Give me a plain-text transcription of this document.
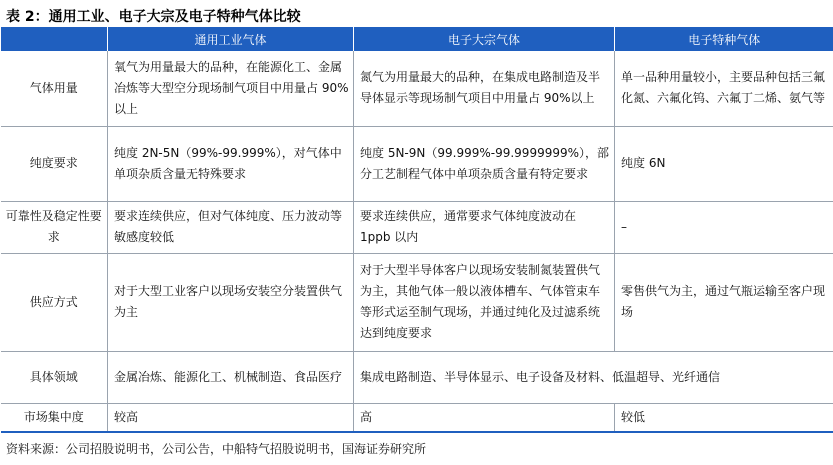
表 2：通用工业、电子大宗及电子特种气体比较
	通用工业气体	电子大宗气体	电子特种气体
气体用量	氧气为用量最大的品种，在能源化工、金属冶炼等大型空分现场制气项目中用量占 90%以上	氮气为用量最大的品种，在集成电路制造及半导体显示等现场制气项目中用量占 90%以上	单一品种用量较小，主要品种包括三氟化氮、六氟化钨、六氟丁二烯、氨气等
纯度要求	纯度 2N-5N（99%-99.999%），对气体中单项杂质含量无特殊要求	纯度 5N-9N（99.999%-99.9999999%），部分工艺制程气体中单项杂质含量有特定要求	纯度 6N
可靠性及稳定性要求	要求连续供应，但对气体纯度、压力波动等敏感度较低	要求连续供应，通常要求气体纯度波动在 1ppb 以内	–
供应方式	对于大型工业客户以现场安装空分装置供气为主	对于大型半导体客户以现场安装制氮装置供气为主，其他气体一般以液体槽车、气体管束车等形式运至制气现场，并通过纯化及过滤系统达到纯度要求	零售供气为主，通过气瓶运输至客户现场
具体领域	金属冶炼、能源化工、机械制造、食品医疗	集成电路制造、半导体显示、电子设备及材料、低温超导、光纤通信	
市场集中度	较高	高	较低
资料来源：公司招股说明书，公司公告，中船特气招股说明书，国海证券研究所
